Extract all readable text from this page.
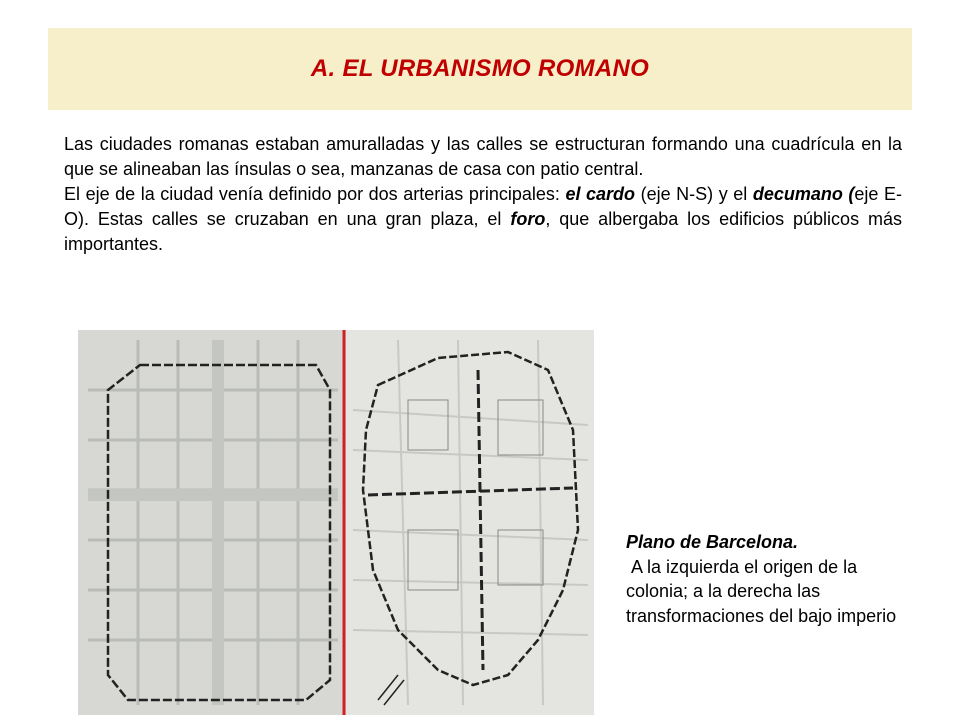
A. EL URBANISMO ROMANO

Las ciudades romanas estaban amuralladas y las calles se estructuran formando una cuadrícula en la que se alineaban las ínsulas o sea, manzanas de casa con patio central.

El eje de la ciudad venía definido por dos arterias principales: el cardo (eje N-S) y el decumano (eje E-O). Estas calles se cruzaban en una gran plaza, el foro, que albergaba los edificios públicos más importantes.

Plano de Barcelona.
A la izquierda el origen de la colonia; a la derecha las transformaciones del bajo imperio
